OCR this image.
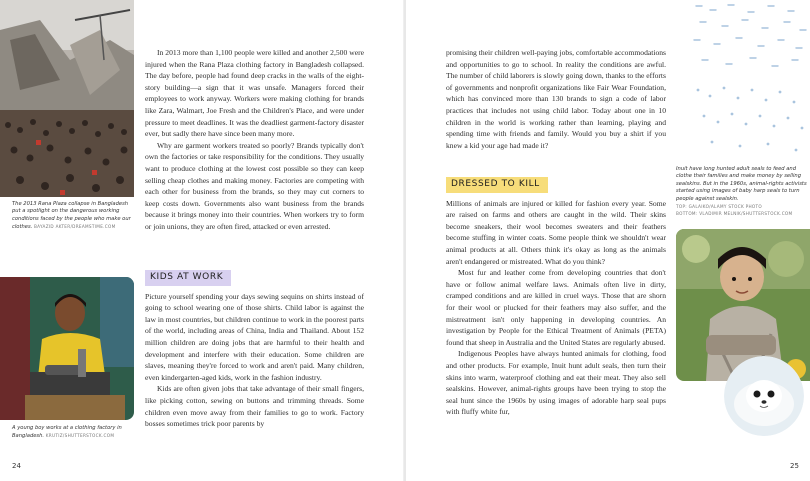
The 2013 Rana Plaza collapse in Bangladesh put a spotlight on the dangerous working conditions faced by the people who make our clothes. BAYAZID AKTER/DREAMSTIME.COM
A young boy works at a clothing factory in Bangladesh. KRUTIZ/SHUTTERSTOCK.COM

In 2013 more than 1,100 people were killed and another 2,500 were injured when the Rana Plaza clothing factory in Bangladesh collapsed. The day before, people had found deep cracks in the walls of the eight-story building—a sign that it was unsafe. Managers forced their employees to work anyway. Workers were making clothing for brands like Zara, Walmart, Joe Fresh and the Children's Place, and were under pressure to meet deadlines. It was the deadliest garment-factory disaster ever, but sadly there have since been many more.

Why are garment workers treated so poorly? Brands typically don't own the factories or take responsibility for the conditions. They usually want to produce clothing at the lowest cost possible so they can keep selling cheap clothes and making money. Factories are competing with each other for business from the brands, so they may cut corners to keep costs down. Governments also want business from the brands because it brings money into their countries. When workers try to form or join unions, they are often fired, attacked or even arrested.

KIDS AT WORK

Picture yourself spending your days sewing sequins on shirts instead of going to school wearing one of those shirts. Child labor is against the law in most countries, but children continue to work in the poorest parts of the world, including areas of China, India and Thailand. About 152 million children are doing jobs that are harmful to their health and development and interfere with their education. Some children are slaves, meaning they're forced to work and aren't paid. Many children, even kindergarten-aged kids, work in the fashion industry.

Kids are often given jobs that take advantage of their small fingers, like picking cotton, sewing on buttons and trimming threads. Some children even move away from their families to go to work. Factory bosses sometimes trick poor parents by

24

promising their children well-paying jobs, comfortable accommodations and opportunities to go to school. In reality the conditions are awful. The number of child laborers is slowly going down, thanks to the efforts of governments and nonprofit organizations like Fair Wear Foundation, which has convinced more than 130 brands to sign a code of labor practices that includes not using child labor. Today about one in 10 children in the world is working rather than learning, playing and spending time with friends and family. Would you buy a shirt if you knew a kid your age had made it?

DRESSED TO KILL

Millions of animals are injured or killed for fashion every year. Some are raised on farms and others are caught in the wild. Their skins become sneakers, their wool becomes sweaters and their feathers become stuffing in winter coats. Some people think we shouldn't wear animal products at all. Others think it's okay as long as the animals aren't endangered or mistreated. What do you think?

Most fur and leather come from developing countries that don't have or follow animal welfare laws. Animals often live in dirty, cramped conditions and are killed in cruel ways. Those that are shorn for their wool or plucked for their feathers may also suffer, and the mistreatment isn't only happening in developing countries. An investigation by People for the Ethical Treatment of Animals (PETA) found that sheep in Australia and the United States are regularly abused.

Indigenous Peoples have always hunted animals for clothing, food and other products. For example, Inuit hunt adult seals, then turn their skins into warm, waterproof clothing and eat their meat. They also sell sealskins. However, animal-rights groups have been trying to stop the seal hunt since the 1960s by using images of adorable harp seal pups with fluffy white fur,

Inuit have long hunted adult seals to feed and clothe their families and make money by selling sealskins. But in the 1960s, animal-rights activists started using images of baby harp seals to turn people against sealskin.
TOP: GALAIKO/ALAMY STOCK PHOTO
BOTTOM: VLADIMIR MELNIK/SHUTTERSTOCK.COM
25
